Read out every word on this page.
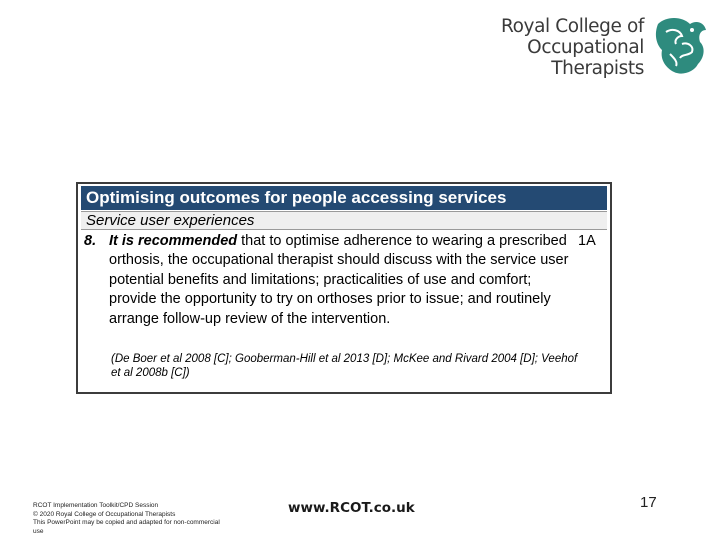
Royal College of
Occupational
Therapists
Optimising outcomes for people accessing services
Service user experiences
8. It is recommended that to optimise adherence to wearing a prescribed orthosis, the occupational therapist should discuss with the service user potential benefits and limitations; practicalities of use and comfort; provide the opportunity to try on orthoses prior to issue; and routinely arrange follow-up review of the intervention.
1A
(De Boer et al 2008 [C]; Gooberman-Hill et al 2013 [D]; McKee and Rivard 2004 [D]; Veehof et al 2008b [C])
RCOT Implementation Toolkit/CPD Session
© 2020 Royal College of Occupational Therapists
This PowerPoint may be copied and adapted for non-commercial use
www.RCOT.co.uk	17
